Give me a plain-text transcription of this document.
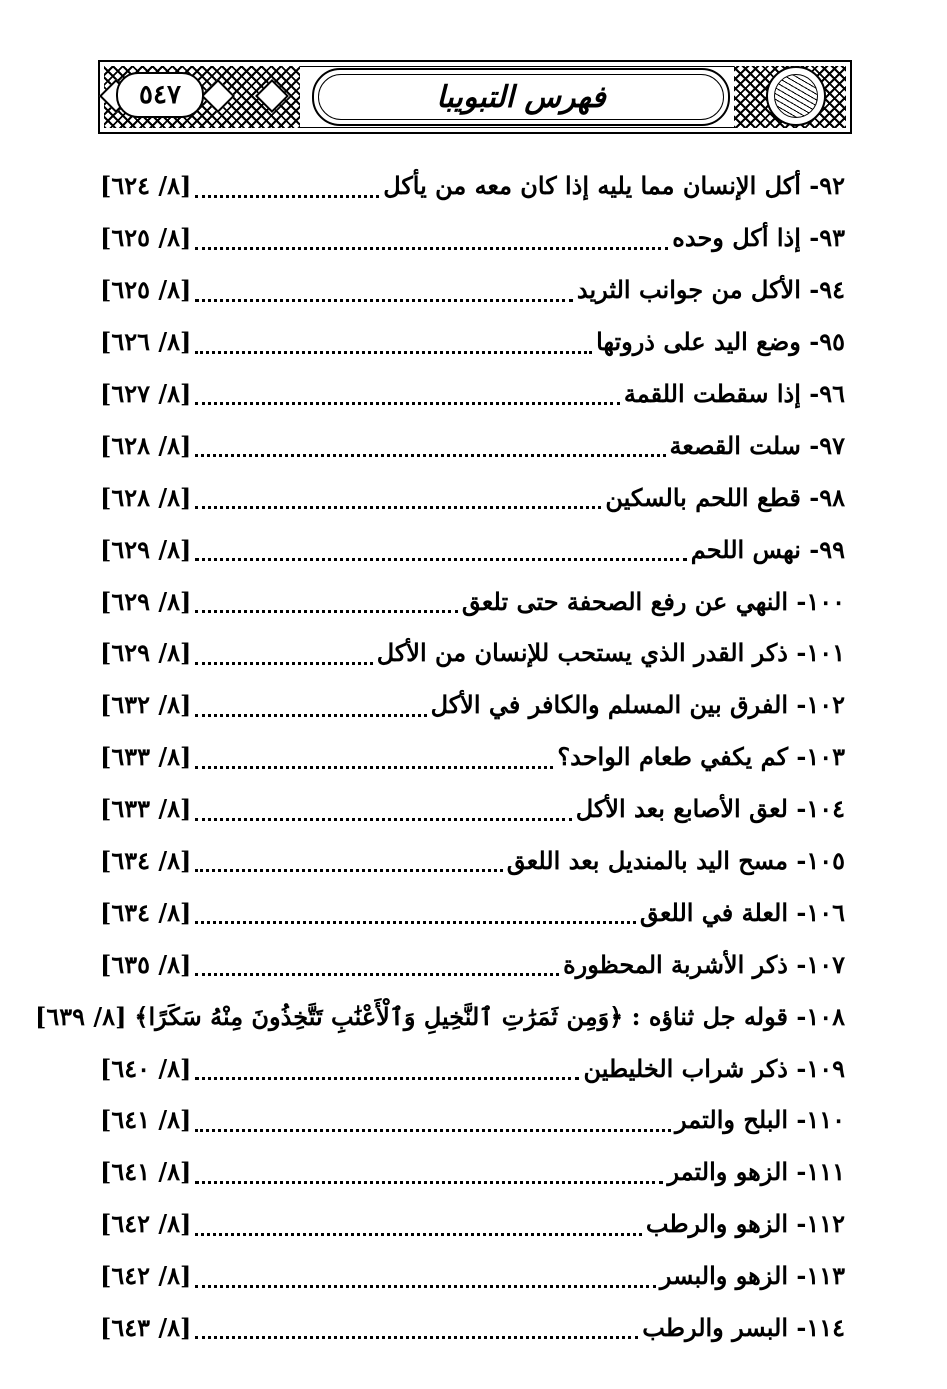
٥٤٧	فهرس التبويبا
٩٢- أكل الإنسان مما يليه إذا كان معه من يأكل
[٨/ ٦٢٤]
٩٣- إذا أكل وحده
[٨/ ٦٢٥]
٩٤- الأكل من جوانب الثريد
[٨/ ٦٢٥]
٩٥- وضع اليد على ذروتها
[٨/ ٦٢٦]
٩٦- إذا سقطت اللقمة
[٨/ ٦٢٧]
٩٧- سلت القصعة
[٨/ ٦٢٨]
٩٨- قطع اللحم بالسكين
[٨/ ٦٢٨]
٩٩- نهس اللحم
[٨/ ٦٢٩]
١٠٠- النهي عن رفع الصحفة حتى تلعق
[٨/ ٦٢٩]
١٠١- ذكر القدر الذي يستحب للإنسان من الأكل
[٨/ ٦٢٩]
١٠٢- الفرق بين المسلم والكافر في الأكل
[٨/ ٦٣٢]
١٠٣- كم يكفي طعام الواحد؟
[٨/ ٦٣٣]
١٠٤- لعق الأصابع بعد الأكل
[٨/ ٦٣٣]
١٠٥- مسح اليد بالمنديل بعد اللعق
[٨/ ٦٣٤]
١٠٦- العلة في اللعق
[٨/ ٦٣٤]
١٠٧- ذكر الأشربة المحظورة
[٨/ ٦٣٥]
١٠٨- قوله جل ثناؤه : ﴿وَمِن ثَمَرَٰتِ ٱلنَّخِيلِ وَٱلْأَعْنَٰبِ تَتَّخِذُونَ مِنْهُ سَكَرًا﴾
[٨/ ٦٣٩]
١٠٩- ذكر شراب الخليطين
[٨/ ٦٤٠]
١١٠- البلح والتمر
[٨/ ٦٤١]
١١١- الزهو والتمر
[٨/ ٦٤١]
١١٢- الزهو والرطب
[٨/ ٦٤٢]
١١٣- الزهو والبسر
[٨/ ٦٤٢]
١١٤- البسر والرطب
[٨/ ٦٤٣]
